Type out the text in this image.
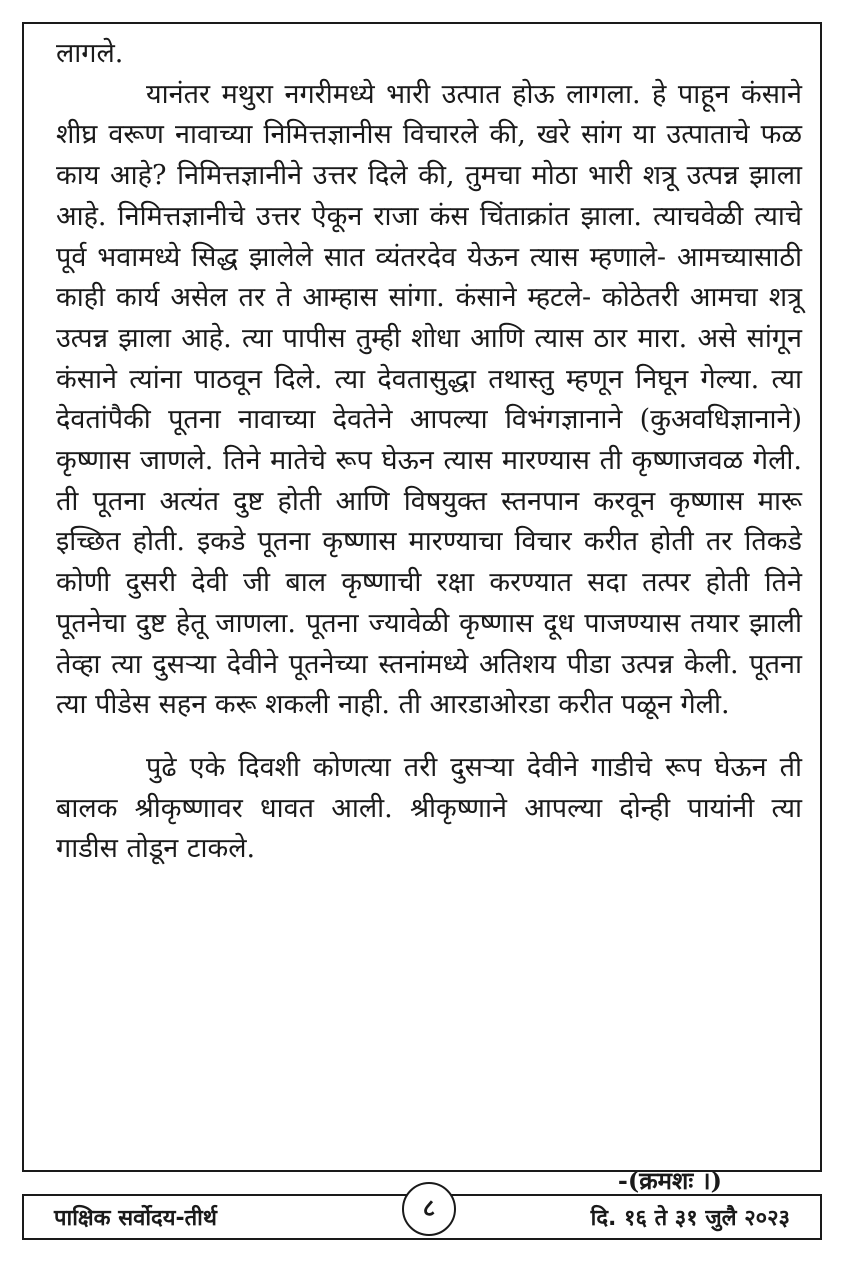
लागले.

यानंतर मथुरा नगरीमध्ये भारी उत्पात होऊ लागला. हे पाहून कंसाने शीघ्र वरूण नावाच्या निमित्तज्ञानीस विचारले की, खरे सांग या उत्पाताचे फळ काय आहे? निमित्तज्ञानीने उत्तर दिले की, तुमचा मोठा भारी शत्रू उत्पन्न झाला आहे. निमित्तज्ञानीचे उत्तर ऐकून राजा कंस चिंताक्रांत झाला. त्याचवेळी त्याचे पूर्व भवामध्ये सिद्ध झालेले सात व्यंतरदेव येऊन त्यास म्हणाले- आमच्यासाठी काही कार्य असेल तर ते आम्हास सांगा. कंसाने म्हटले- कोठेतरी आमचा शत्रू उत्पन्न झाला आहे. त्या पापीस तुम्ही शोधा आणि त्यास ठार मारा. असे सांगून कंसाने त्यांना पाठवून दिले. त्या देवतासुद्धा तथास्तु म्हणून निघून गेल्या. त्या देवतांपैकी पूतना नावाच्या देवतेने आपल्या विभंगज्ञानाने (कुअवधिज्ञानाने) कृष्णास जाणले. तिने मातेचे रूप घेऊन त्यास मारण्यास ती कृष्णाजवळ गेली. ती पूतना अत्यंत दुष्ट होती आणि विषयुक्त स्तनपान करवून कृष्णास मारू इच्छित होती. इकडे पूतना कृष्णास मारण्याचा विचार करीत होती तर तिकडे कोणी दुसरी देवी जी बाल कृष्णाची रक्षा करण्यात सदा तत्पर होती तिने पूतनेचा दुष्ट हेतू जाणला. पूतना ज्यावेळी कृष्णास दूध पाजण्यास तयार झाली तेव्हा त्या दुसऱ्या देवीने पूतनेच्या स्तनांमध्ये अतिशय पीडा उत्पन्न केली. पूतना त्या पीडेस सहन करू शकली नाही. ती आरडाओरडा करीत पळून गेली.

पुढे एके दिवशी कोणत्या तरी दुसऱ्या देवीने गाडीचे रूप घेऊन ती बालक श्रीकृष्णावर धावत आली. श्रीकृष्णाने आपल्या दोन्ही पायांनी त्या गाडीस तोडून टाकले.

-(क्रमशः ।)
पाक्षिक सर्वोदय-तीर्थ	८	दि. १६ ते ३१ जुलै २०२३
